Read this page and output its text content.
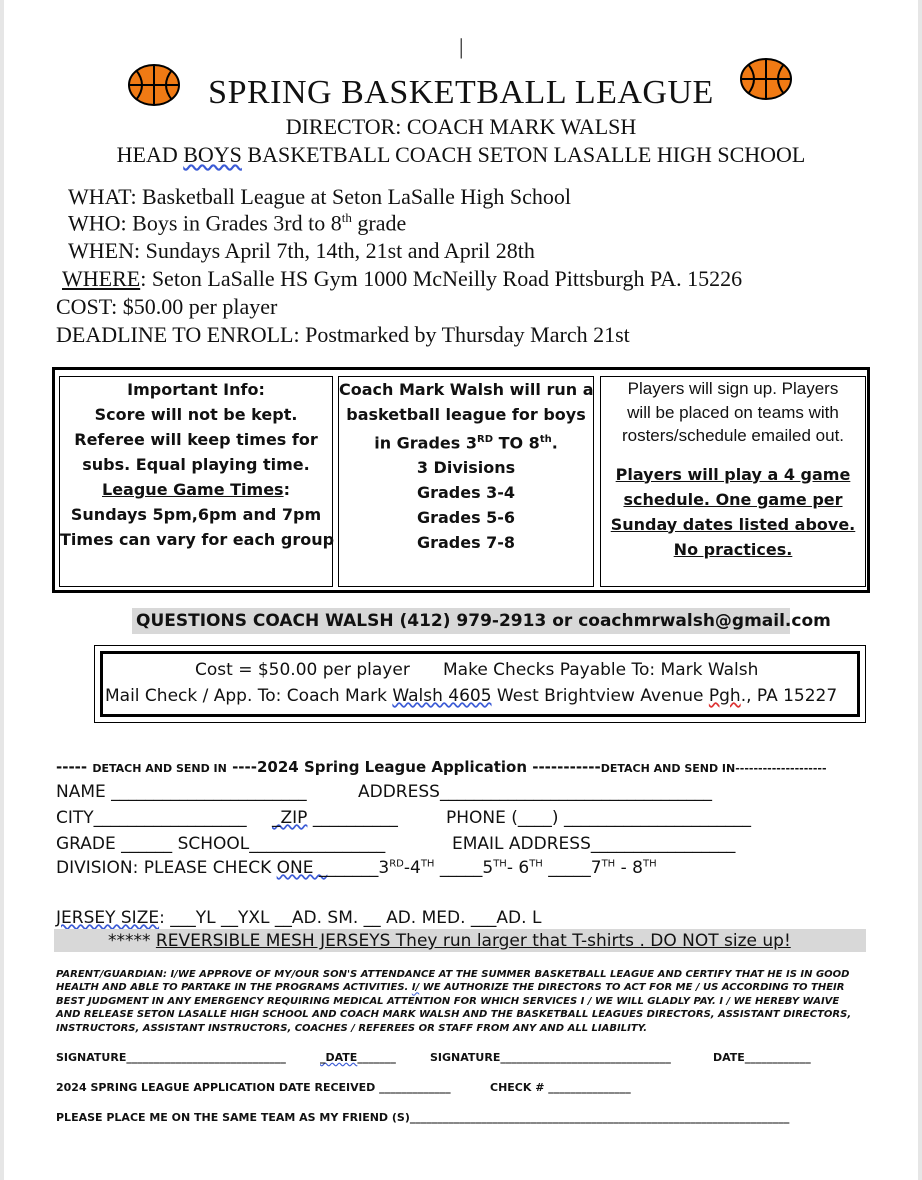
|
SPRING BASKETBALL LEAGUE
DIRECTOR: COACH MARK WALSH
HEAD BOYS BASKETBALL COACH SETON LASALLE HIGH SCHOOL
WHAT: Basketball League at Seton LaSalle High School
WHO: Boys in Grades 3rd to 8th grade
WHEN: Sundays April 7th, 14th, 21st and April 28th
WHERE: Seton LaSalle HS Gym 1000 McNeilly Road Pittsburgh PA. 15226
COST: $50.00 per player
DEADLINE TO ENROLL: Postmarked by Thursday March 21st
Important Info:
Score will not be kept.
Referee will keep times for
subs. Equal playing time.
League Game Times:
Sundays 5pm,6pm and 7pm
Times can vary for each group
Coach Mark Walsh will run a
basketball league for boys
in Grades 3RD TO 8th.
3 Divisions
Grades 3-4
Grades 5-6
Grades 7-8
Players will sign up. Players
will be placed on teams with
rosters/schedule emailed out.
Players will play a 4 game
schedule. One game per
Sunday dates listed above.
No practices.
QUESTIONS COACH WALSH (412) 979-2913 or coachmrwalsh@gmail.com
Cost = $50.00 per player Make Checks Payable To: Mark Walsh
Mail Check / App. To: Coach Mark Walsh 4605 West Brightview Avenue Pgh., PA 15227
----- DETACH AND SEND IN ----2024 Spring League Application -----------DETACH AND SEND IN--------------------
NAME _______________________	ADDRESS________________________________
CITY__________________ _ZIP __________	PHONE (____) ______________________
GRADE ______ SCHOOL________________	EMAIL ADDRESS_________________
DIVISION: PLEASE CHECK ONE _______3RD-4TH _____5TH- 6TH _____7TH - 8TH
JERSEY SIZE: ___YL __YXL __AD. SM. __ AD. MED. ___AD. L
***** REVERSIBLE MESH JERSEYS They run larger that T-shirts . DO NOT size up!
PARENT/GUARDIAN: I/WE APPROVE OF MY/OUR SON'S ATTENDANCE AT THE SUMMER BASKETBALL LEAGUE AND CERTIFY THAT HE IS IN GOOD
HEALTH AND ABLE TO PARTAKE IN THE PROGRAMS ACTIVITIES. I/ WE AUTHORIZE THE DIRECTORS TO ACT FOR ME / US ACCORDING TO THEIR
BEST JUDGMENT IN ANY EMERGENCY REQUIRING MEDICAL ATTENTION FOR WHICH SERVICES I / WE WILL GLADLY PAY. I / WE HEREBY WAIVE
AND RELEASE SETON LASALLE HIGH SCHOOL AND COACH MARK WALSH AND THE BASKETBALL LEAGUES DIRECTORS, ASSISTANT DIRECTORS,
INSTRUCTORS, ASSISTANT INSTRUCTORS, COACHES / REFEREES OR STAFF FROM ANY AND ALL LIABILITY.
SIGNATURE_____________________________	_DATE_______	SIGNATURE_______________________________	DATE____________
2024 SPRING LEAGUE APPLICATION DATE RECEIVED _____________	CHECK # _______________
PLEASE PLACE ME ON THE SAME TEAM AS MY FRIEND (S)_____________________________________________________________________
